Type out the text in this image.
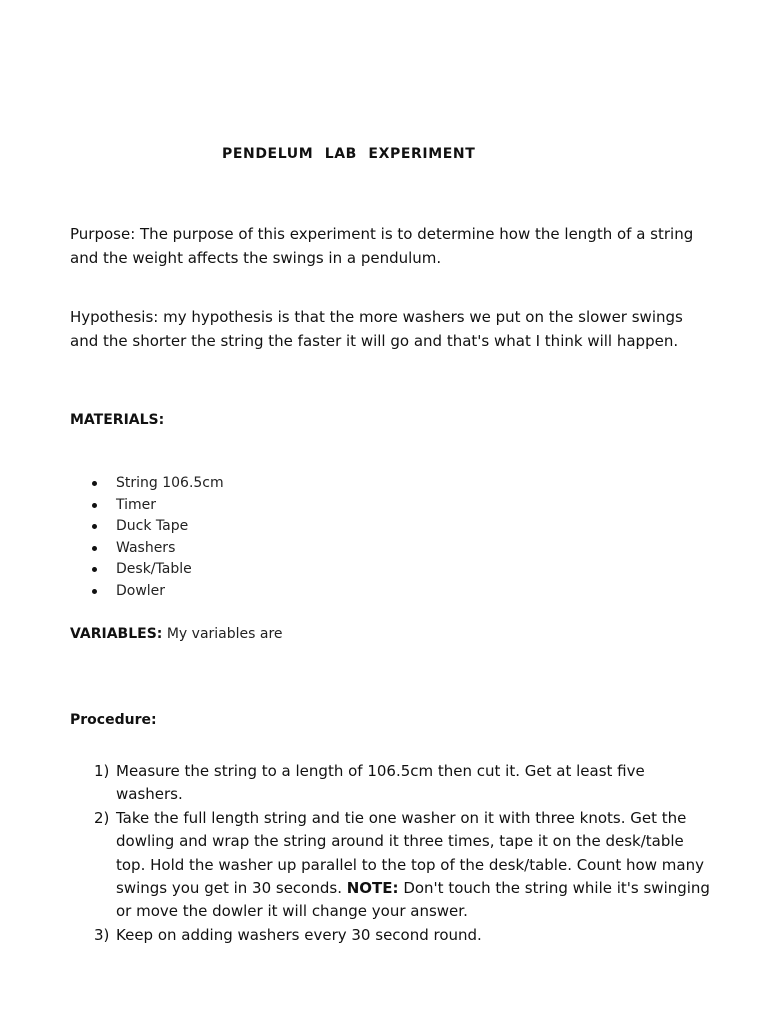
PENDELUM LAB EXPERIMENT
Purpose: The purpose of this experiment is to determine how the length of a string and the weight affects the swings in a pendulum.
Hypothesis: my hypothesis is that the more washers we put on the slower swings and the shorter the string the faster it will go and that's what I think will happen.
MATERIALS:
String 106.5cm
Timer
Duck Tape
Washers
Desk/Table
Dowler
VARIABLES: My variables are
Procedure:
1) Measure the string to a length of 106.5cm then cut it. Get at least five washers.
2) Take the full length string and tie one washer on it with three knots. Get the dowling and wrap the string around it three times, tape it on the desk/table top. Hold the washer up parallel to the top of the desk/table. Count how many swings you get in 30 seconds. NOTE: Don't touch the string while it's swinging or move the dowler it will change your answer.
3) Keep on adding washers every 30 second round.
